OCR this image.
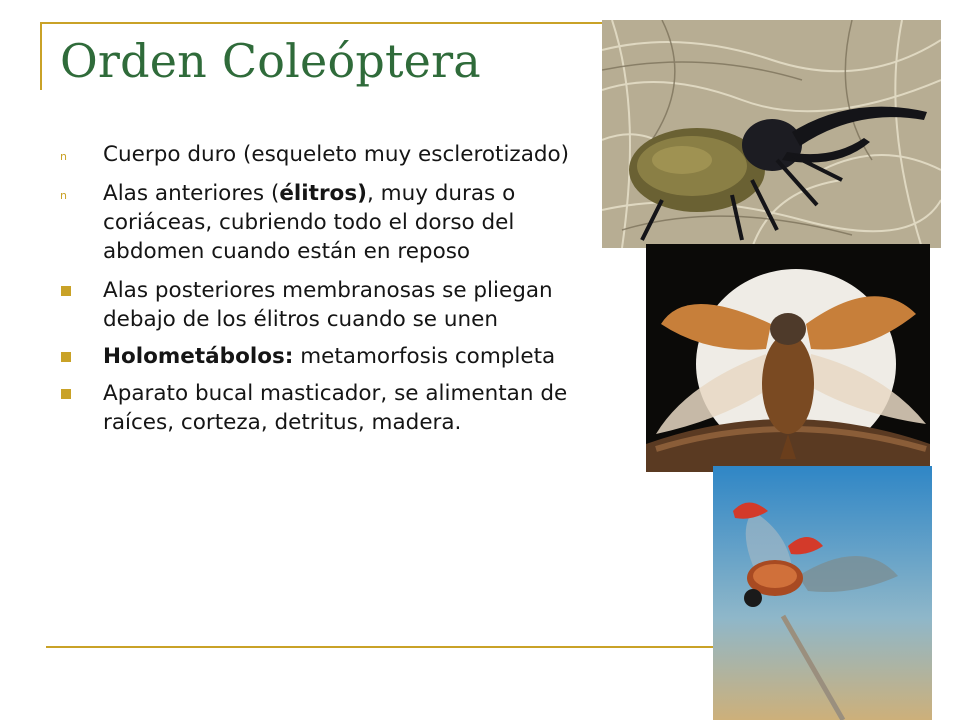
Orden Coleóptera
n Cuerpo duro (esqueleto muy esclerotizado)
n Alas anteriores (élitros), muy duras o coriáceas, cubriendo todo el dorso del abdomen cuando están en reposo
Alas posteriores membranosas se pliegan debajo de los élitros cuando se unen
Holometábolos: metamorfosis completa
Aparato bucal masticador, se alimentan de raíces, corteza, detritus, madera.
